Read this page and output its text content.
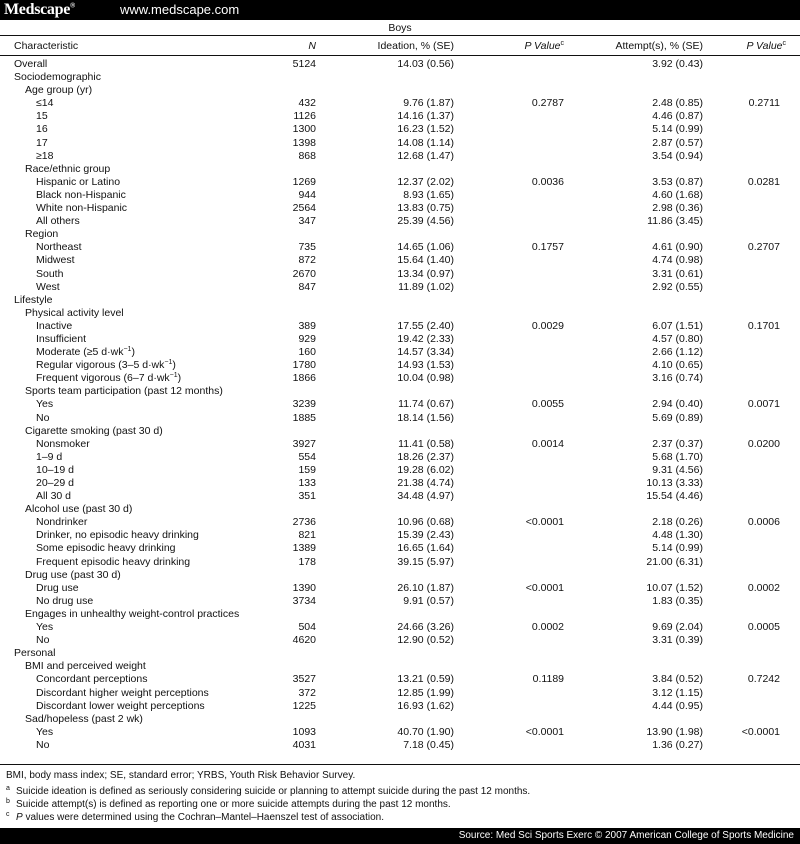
Medscape®	www.medscape.com
Boys
Characteristic	N	Ideation, % (SE)	P Value$^c$	Attempt(s), % (SE)	P Value$^c$
Overall	5124	14.03 (0.56)	3.92 (0.43)
Sociodemographic
Age group (yr)
≤14	432	9.76 (1.87)	0.2787	2.48 (0.85)	0.2711
15	1126	14.16 (1.37)	4.46 (0.87)
16	1300	16.23 (1.52)	5.14 (0.99)
17	1398	14.08 (1.14)	2.87 (0.57)
≥18	868	12.68 (1.47)	3.54 (0.94)
Race/ethnic group
Hispanic or Latino	1269	12.37 (2.02)	0.0036	3.53 (0.87)	0.0281
Black non-Hispanic	944	8.93 (1.65)	4.60 (1.68)
White non-Hispanic	2564	13.83 (0.75)	2.98 (0.36)
All others	347	25.39 (4.56)	11.86 (3.45)
Region
Northeast	735	14.65 (1.06)	0.1757	4.61 (0.90)	0.2707
Midwest	872	15.64 (1.40)	4.74 (0.98)
South	2670	13.34 (0.97)	3.31 (0.61)
West	847	11.89 (1.02)	2.92 (0.55)
Lifestyle
Physical activity level
Inactive	389	17.55 (2.40)	0.0029	6.07 (1.51)	0.1701
Insufficient	929	19.42 (2.33)	4.57 (0.80)
Moderate (≥5 $d\cdot wk^{-1}$)	160	14.57 (3.34)	2.66 (1.12)
Regular vigorous (3–5 $d\cdot wk^{-1}$)	1780	14.93 (1.53)	4.10 (0.65)
Frequent vigorous (6–7 $d\cdot wk^{-1}$)	1866	10.04 (0.98)	3.16 (0.74)
Sports team participation (past 12 months)
Yes	3239	11.74 (0.67)	0.0055	2.94 (0.40)	0.0071
No	1885	18.14 (1.56)	5.69 (0.89)
Cigarette smoking (past 30 d)
Nonsmoker	3927	11.41 (0.58)	0.0014	2.37 (0.37)	0.0200
1–9 d	554	18.26 (2.37)	5.68 (1.70)
10–19 d	159	19.28 (6.02)	9.31 (4.56)
20–29 d	133	21.38 (4.74)	10.13 (3.33)
All 30 d	351	34.48 (4.97)	15.54 (4.46)
Alcohol use (past 30 d)
Nondrinker	2736	10.96 (0.68)	<0.0001	2.18 (0.26)	0.0006
Drinker, no episodic heavy drinking	821	15.39 (2.43)	4.48 (1.30)
Some episodic heavy drinking	1389	16.65 (1.64)	5.14 (0.99)
Frequent episodic heavy drinking	178	39.15 (5.97)	21.00 (6.31)
Drug use (past 30 d)
Drug use	1390	26.10 (1.87)	<0.0001	10.07 (1.52)	0.0002
No drug use	3734	9.91 (0.57)	1.83 (0.35)
Engages in unhealthy weight-control practices
Yes	504	24.66 (3.26)	0.0002	9.69 (2.04)	0.0005
No	4620	12.90 (0.52)	3.31 (0.39)
Personal
BMI and perceived weight
Concordant perceptions	3527	13.21 (0.59)	0.1189	3.84 (0.52)	0.7242
Discordant higher weight perceptions	372	12.85 (1.99)	3.12 (1.15)
Discordant lower weight perceptions	1225	16.93 (1.62)	4.44 (0.95)
Sad/hopeless (past 2 wk)
Yes	1093	40.70 (1.90)	<0.0001	13.90 (1.98)	<0.0001
No	4031	7.18 (0.45)	1.36 (0.27)
BMI, body mass index; SE, standard error; YRBS, Youth Risk Behavior Survey.
a Suicide ideation is defined as seriously considering suicide or planning to attempt suicide during the past 12 months.
b Suicide attempt(s) is defined as reporting one or more suicide attempts during the past 12 months.
c P values were determined using the Cochran–Mantel–Haenszel test of association.
Source: Med Sci Sports Exerc © 2007 American College of Sports Medicine
